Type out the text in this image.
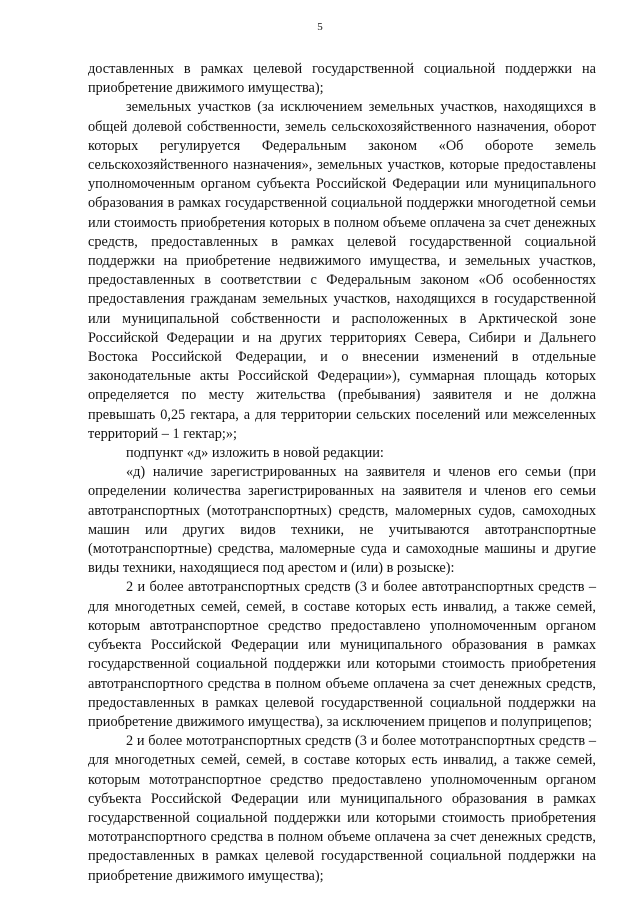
5

доставленных в рамках целевой государственной социальной поддержки на приобретение движимого имущества);

земельных участков (за исключением земельных участков, находящихся в общей долевой собственности, земель сельскохозяйственного назначения, оборот которых регулируется Федеральным законом «Об обороте земель сельскохозяйственного назначения», земельных участков, которые предоставлены уполномоченным органом субъекта Российской Федерации или муниципального образования в рамках государственной социальной поддержки многодетной семьи или стоимость приобретения которых в полном объеме оплачена за счет денежных средств, предоставленных в рамках целевой государственной социальной поддержки на приобретение недвижимого имущества, и земельных участков, предоставленных в соответствии с Федеральным законом «Об особенностях предоставления гражданам земельных участков, находящихся в государственной или муниципальной собственности и расположенных в Арктической зоне Российской Федерации и на других территориях Севера, Сибири и Дальнего Востока Российской Федерации, и о внесении изменений в отдельные законодательные акты Российской Федерации»), суммарная площадь которых определяется по месту жительства (пребывания) заявителя и не должна превышать 0,25 гектара, а для территории сельских поселений или межселенных территорий – 1 гектар;»;

подпункт «д» изложить в новой редакции:

«д) наличие зарегистрированных на заявителя и членов его семьи (при определении количества зарегистрированных на заявителя и членов его семьи автотранспортных (мототранспортных) средств, маломерных судов, самоходных машин или других видов техники, не учитываются автотранспортные (мототранспортные) средства, маломерные суда и самоходные машины и другие виды техники, находящиеся под арестом и (или) в розыске):

2 и более автотранспортных средств (3 и более автотранспортных средств – для многодетных семей, семей, в составе которых есть инвалид, а также семей, которым автотранспортное средство предоставлено уполномоченным органом субъекта Российской Федерации или муниципального образования в рамках государственной социальной поддержки или которыми стоимость приобретения автотранспортного средства в полном объеме оплачена за счет денежных средств, предоставленных в рамках целевой государственной социальной поддержки на приобретение движимого имущества), за исключением прицепов и полуприцепов;

2 и более мототранспортных средств (3 и более мототранспортных средств – для многодетных семей, семей, в составе которых есть инвалид, а также семей, которым мототранспортное средство предоставлено уполномоченным органом субъекта Российской Федерации или муниципального образования в рамках государственной социальной поддержки или которыми стоимость приобретения мототранспортного средства в полном объеме оплачена за счет денежных средств, предоставленных в рамках целевой государственной социальной поддержки на приобретение движимого имущества);
